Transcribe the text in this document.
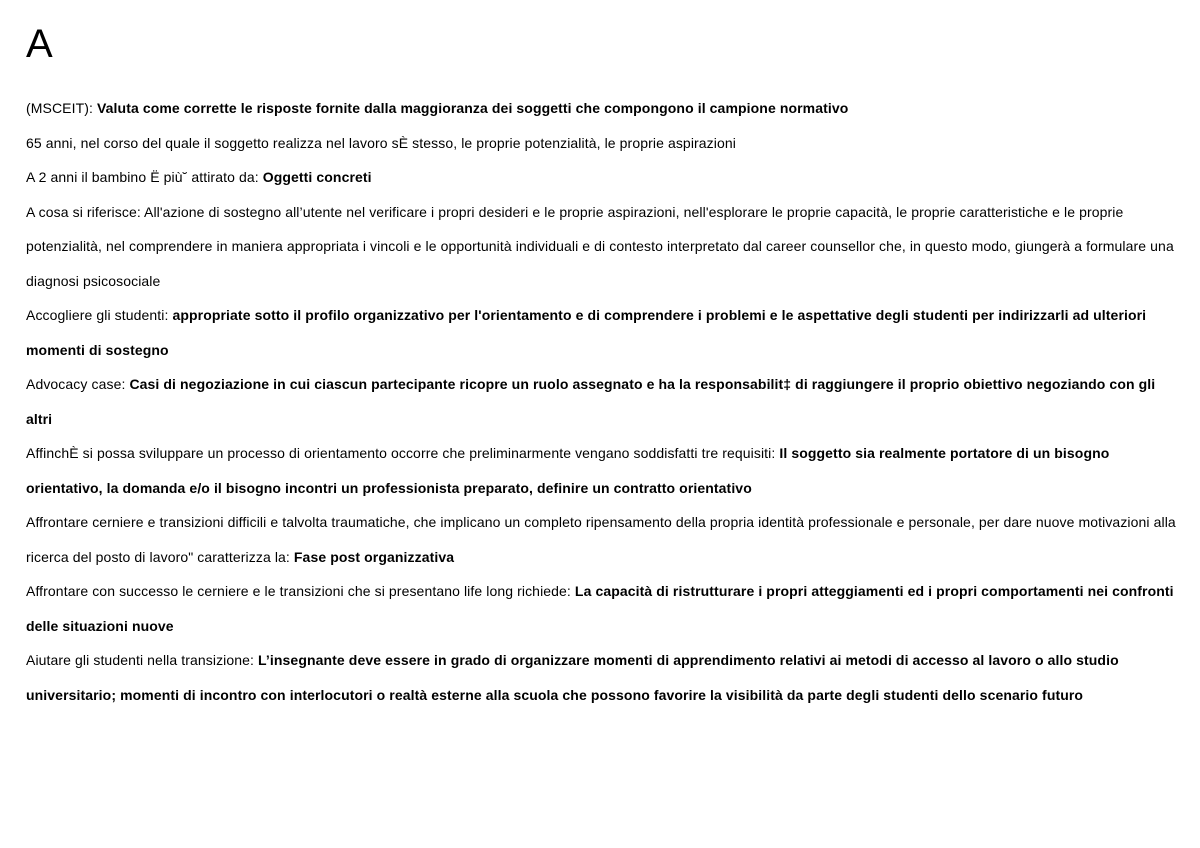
A

(MSCEIT): Valuta come corrette le risposte fornite dalla maggioranza dei soggetti che compongono il campione normativo

65 anni, nel corso del quale il soggetto realizza nel lavoro sÈ stesso, le proprie potenzialità, le proprie aspirazioni

A 2 anni il bambino Ë più˘ attirato da: Oggetti concreti

A cosa si riferisce: All'azione di sostegno all’utente nel verificare i propri desideri e le proprie aspirazioni, nell'esplorare le proprie capacità, le proprie caratteristiche e le proprie potenzialità, nel comprendere in maniera appropriata i vincoli e le opportunità individuali e di contesto interpretato dal career counsellor che, in questo modo, giungerà a formulare una diagnosi psicosociale

Accogliere gli studenti: appropriate sotto il profilo organizzativo per l'orientamento e di comprendere i problemi e le aspettative degli studenti per indirizzarli ad ulteriori momenti di sostegno

Advocacy case: Casi di negoziazione in cui ciascun partecipante ricopre un ruolo assegnato e ha la responsabilit‡ di raggiungere il proprio obiettivo negoziando con gli altri

AffinchÈ si possa sviluppare un processo di orientamento occorre che preliminarmente vengano soddisfatti tre requisiti: Il soggetto sia realmente portatore di un bisogno orientativo, la domanda e/o il bisogno incontri un professionista preparato, definire un contratto orientativo

Affrontare cerniere e transizioni difficili e talvolta traumatiche, che implicano un completo ripensamento della propria identità professionale e personale, per dare nuove motivazioni alla ricerca del posto di lavoro" caratterizza la: Fase post organizzativa

Affrontare con successo le cerniere e le transizioni che si presentano life long richiede: La capacità di ristrutturare i propri atteggiamenti ed i propri comportamenti nei confronti delle situazioni nuove

Aiutare gli studenti nella transizione: L’insegnante deve essere in grado di organizzare momenti di apprendimento relativi ai metodi di accesso al lavoro o allo studio universitario; momenti di incontro con interlocutori o realtà esterne alla scuola che possono favorire la visibilità da parte degli studenti dello scenario futuro
